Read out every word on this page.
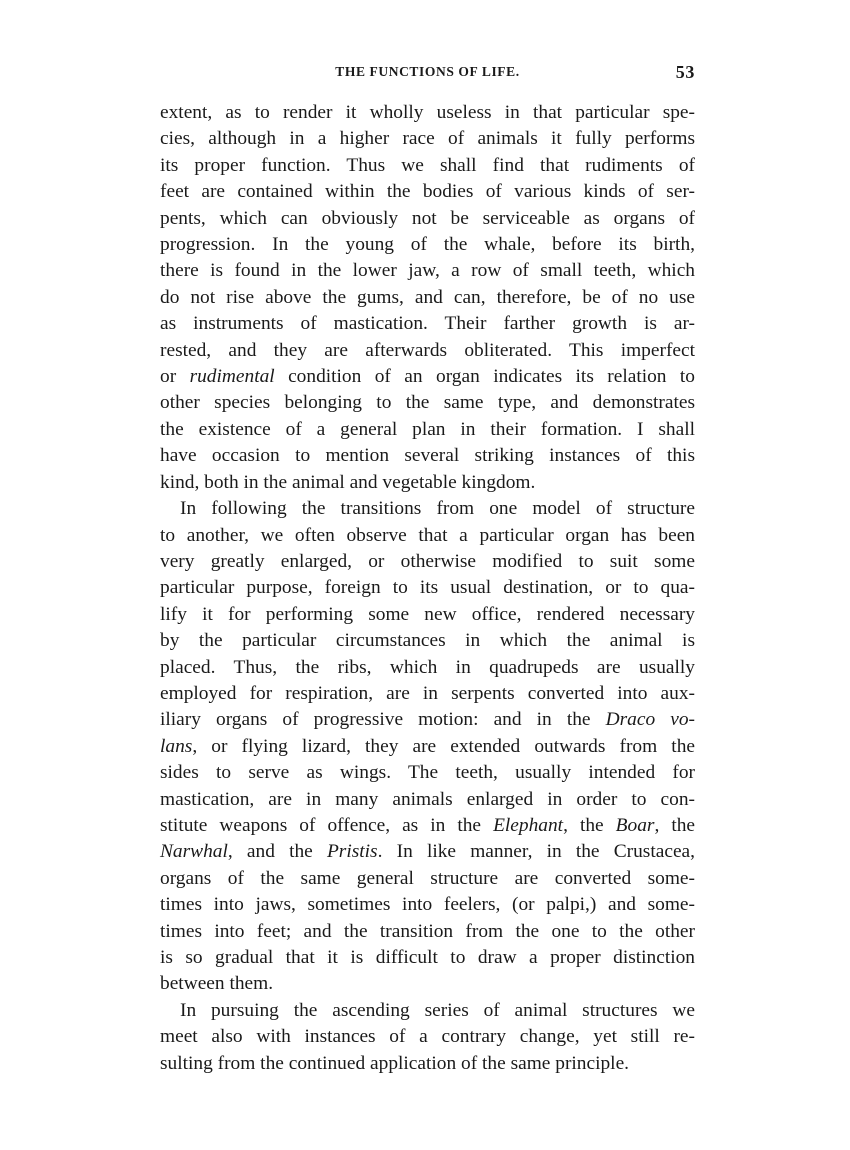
THE FUNCTIONS OF LIFE.	53
extent, as to render it wholly useless in that particular spe-
cies, although in a higher race of animals it fully performs
its proper function. Thus we shall find that rudiments of
feet are contained within the bodies of various kinds of ser-
pents, which can obviously not be serviceable as organs of
progression. In the young of the whale, before its birth,
there is found in the lower jaw, a row of small teeth, which
do not rise above the gums, and can, therefore, be of no use
as instruments of mastication. Their farther growth is ar-
rested, and they are afterwards obliterated. This imperfect
or rudimental condition of an organ indicates its relation to
other species belonging to the same type, and demonstrates
the existence of a general plan in their formation. I shall
have occasion to mention several striking instances of this
kind, both in the animal and vegetable kingdom.
In following the transitions from one model of structure
to another, we often observe that a particular organ has been
very greatly enlarged, or otherwise modified to suit some
particular purpose, foreign to its usual destination, or to qua-
lify it for performing some new office, rendered necessary
by the particular circumstances in which the animal is
placed. Thus, the ribs, which in quadrupeds are usually
employed for respiration, are in serpents converted into aux-
iliary organs of progressive motion: and in the Draco vo-
lans, or flying lizard, they are extended outwards from the
sides to serve as wings. The teeth, usually intended for
mastication, are in many animals enlarged in order to con-
stitute weapons of offence, as in the Elephant, the Boar, the
Narwhal, and the Pristis. In like manner, in the Crustacea,
organs of the same general structure are converted some-
times into jaws, sometimes into feelers, (or palpi,) and some-
times into feet; and the transition from the one to the other
is so gradual that it is difficult to draw a proper distinction
between them.
In pursuing the ascending series of animal structures we
meet also with instances of a contrary change, yet still re-
sulting from the continued application of the same principle.
